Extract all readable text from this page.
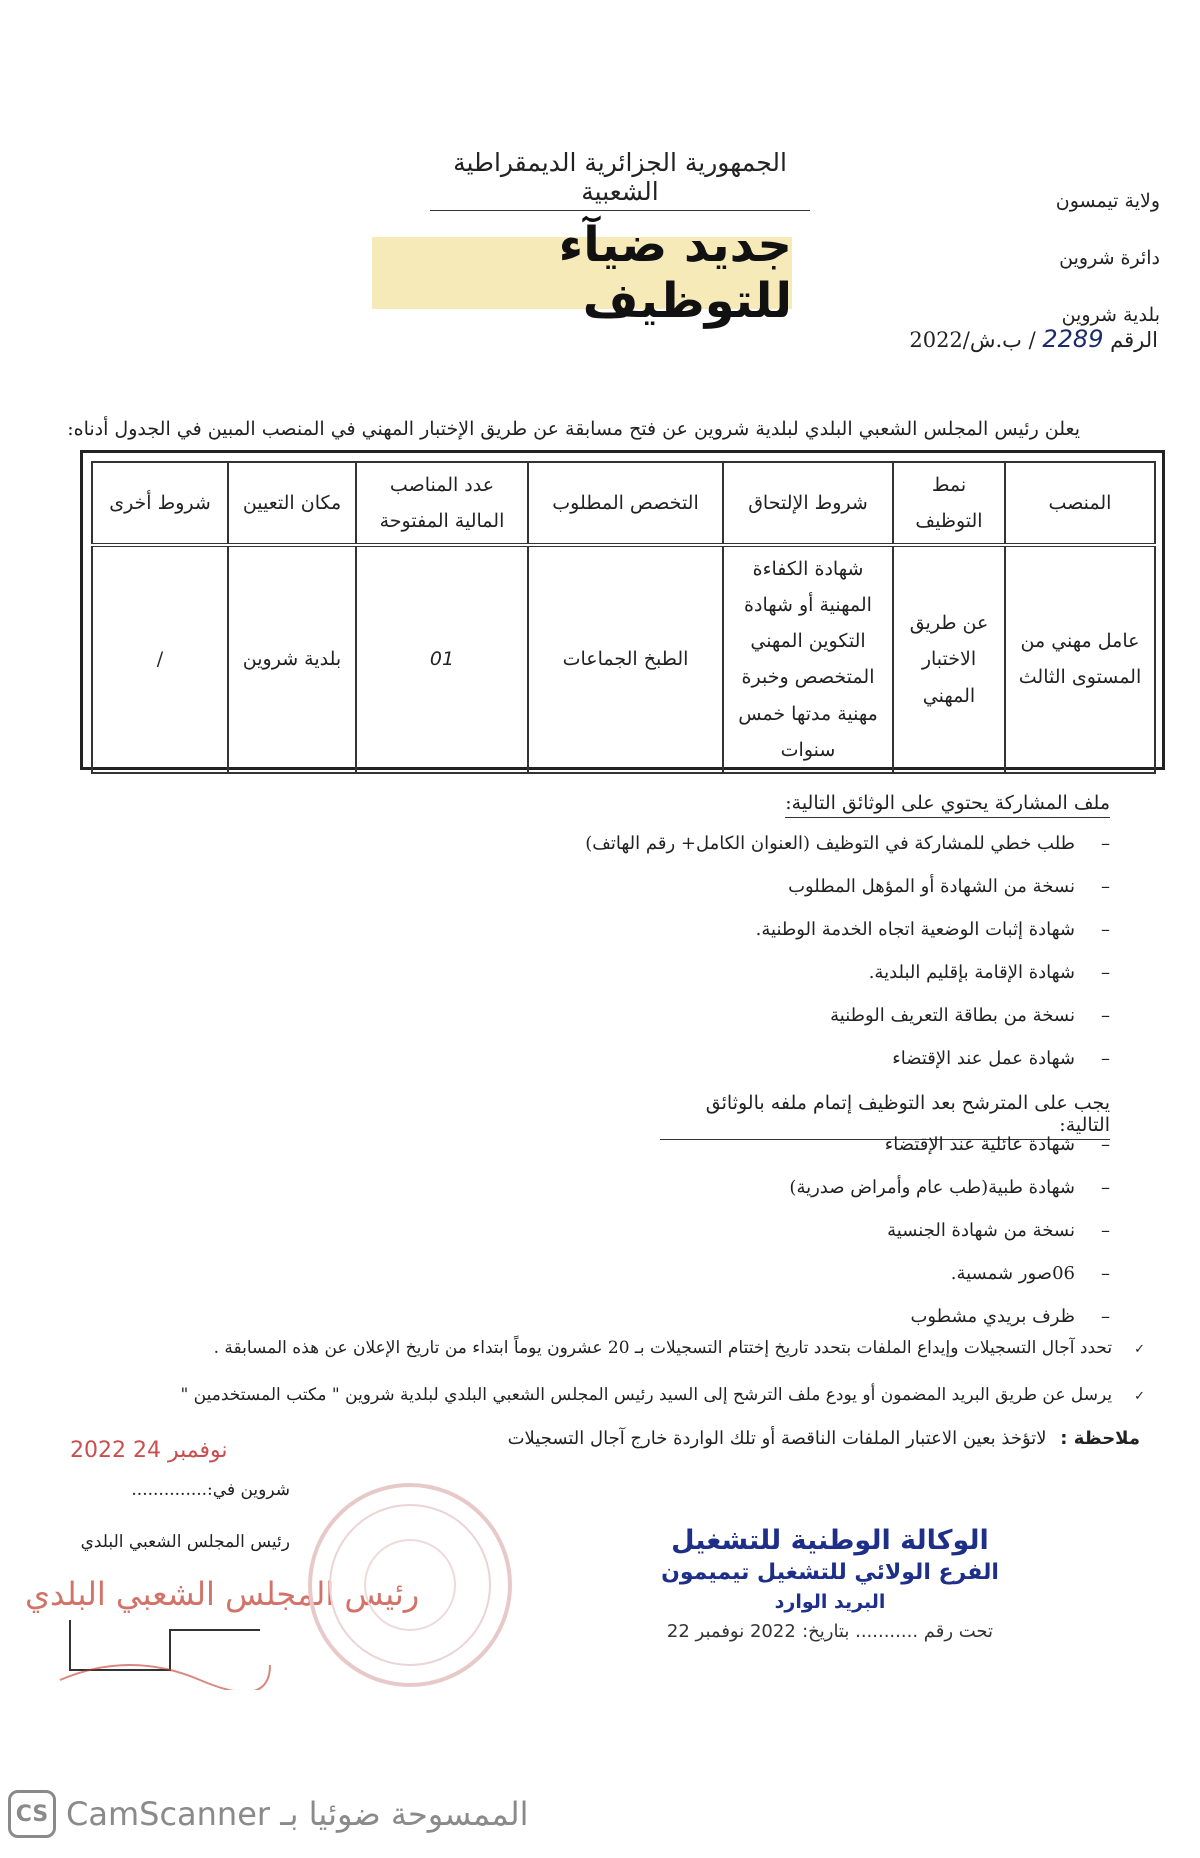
الجمهورية الجزائرية الديمقراطية الشعبية	ولاية تيمسون
دائرة شروين
بلدية شروين
الرقم 2289 / ب.ش/2022
جديد ضيآء للتوظيف
يعلن رئيس المجلس الشعبي البلدي لبلدية شروين عن فتح مسابقة عن طريق الإختبار المهني في المنصب المبين في الجدول أدناه:
المنصب	نمط التوظيف	شروط الإلتحاق	التخصص المطلوب	عدد المناصب المالية المفتوحة	مكان التعيين	شروط أخرى
عامل مهني من المستوى الثالث	عن طريق الاختبار المهني	شهادة الكفاءة المهنية أو شهادة التكوين المهني المتخصص وخبرة مهنية مدتها خمس سنوات	الطبخ الجماعات	01	بلدية شروين	/
ملف المشاركة يحتوي على الوثائق التالية:
– طلب خطي للمشاركة في التوظيف (العنوان الكامل+ رقم الهاتف)
– نسخة من الشهادة أو المؤهل المطلوب
– شهادة إثبات الوضعية اتجاه الخدمة الوطنية.
– شهادة الإقامة بإقليم البلدية.
– نسخة من بطاقة التعريف الوطنية
– شهادة عمل عند الإقتضاء
يجب على المترشح بعد التوظيف إتمام ملفه بالوثائق التالية:
– شهادة عائلية عند الإقتضاء
– شهادة طبية(طب عام وأمراض صدرية)
– نسخة من شهادة الجنسية
– 06صور شمسية.
– ظرف بريدي مشطوب
✓ تحدد آجال التسجيلات وإيداع الملفات بتحدد تاريخ إختتام التسجيلات بـ 20 عشرون يوماً ابتداء من تاريخ الإعلان عن هذه المسابقة .
✓ يرسل عن طريق البريد المضمون أو يودع ملف الترشح إلى السيد رئيس المجلس الشعبي البلدي لبلدية شروين " مكتب المستخدمين "
ملاحظة : لاتؤخذ بعين الاعتبار الملفات الناقصة أو تلك الواردة خارج آجال التسجيلات
2022 نوفمبر 24
شروين في:..............
رئيس المجلس الشعبي البلدي
رئيس المجلس الشعبي البلدي
الوكالة الوطنية للتشغيل
الفرع الولائي للتشغيل تيميمون
البريد الوارد
تحت رقم ........... بتاريخ: 2022 نوفمبر 22
CS الممسوحة ضوئيا بـ CamScanner
